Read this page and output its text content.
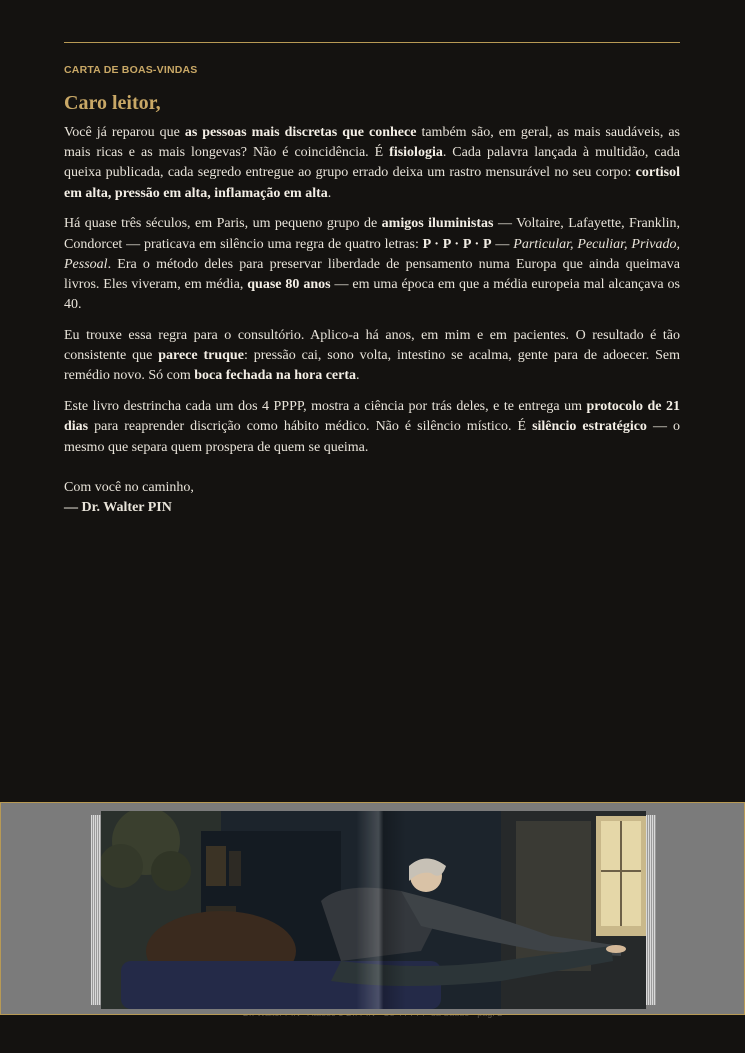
CARTA DE BOAS-VINDAS
Caro leitor,

Você já reparou que as pessoas mais discretas que conhece também são, em geral, as mais saudáveis, as mais ricas e as mais longevas? Não é coincidência. É fisiologia. Cada palavra lançada à multidão, cada queixa publicada, cada segredo entregue ao grupo errado deixa um rastro mensurável no seu corpo: cortisol em alta, pressão em alta, inflamação em alta.

Há quase três séculos, em Paris, um pequeno grupo de amigos iluministas — Voltaire, Lafayette, Franklin, Condorcet — praticava em silêncio uma regra de quatro letras: P · P · P · P — Particular, Peculiar, Privado, Pessoal. Era o método deles para preservar liberdade de pensamento numa Europa que ainda queimava livros. Eles viveram, em média, quase 80 anos — em uma época em que a média europeia mal alcançava os 40.

Eu trouxe essa regra para o consultório. Aplico-a há anos, em mim e em pacientes. O resultado é tão consistente que parece truque: pressão cai, sono volta, intestino se acalma, gente para de adoecer. Sem remédio novo. Só com boca fechada na hora certa.

Este livro destrincha cada um dos 4 PPPP, mostra a ciência por trás deles, e te entrega um protocolo de 21 dias para reaprender discrição como hábito médico. Não é silêncio místico. É silêncio estratégico — o mesmo que separa quem prospera de quem se queima.

Com você no caminho,
— Dr. Walter PIN
